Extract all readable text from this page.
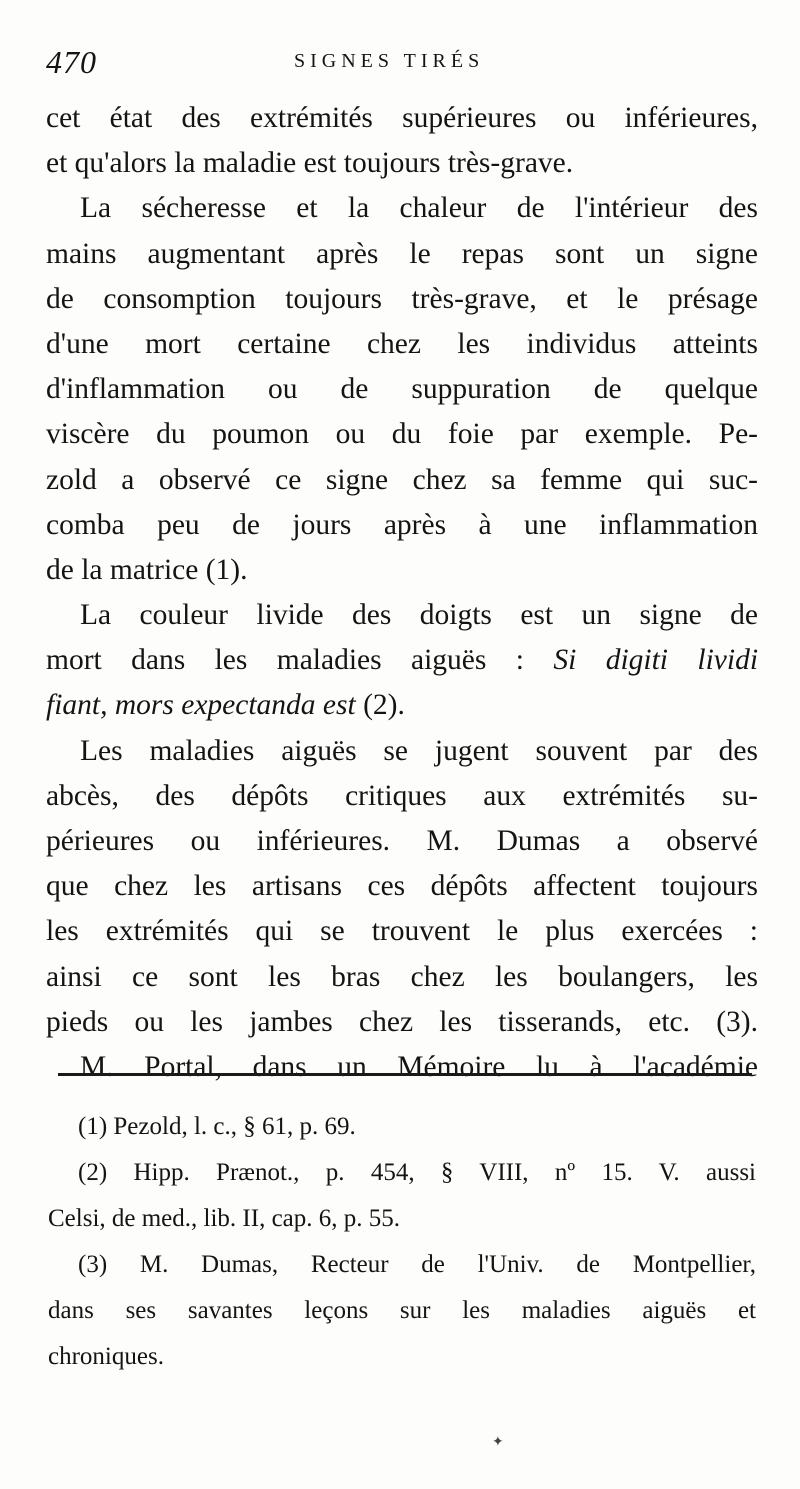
470	SIGNES TIRÉS
cet état des extrémités supérieures ou inférieures,
et qu'alors la maladie est toujours très-grave.
La sécheresse et la chaleur de l'intérieur des
mains augmentant après le repas sont un signe
de consomption toujours très-grave, et le présage
d'une mort certaine chez les individus atteints
d'inflammation ou de suppuration de quelque
viscère du poumon ou du foie par exemple. Pe-
zold a observé ce signe chez sa femme qui suc-
comba peu de jours après à une inflammation
de la matrice (1).
La couleur livide des doigts est un signe de
mort dans les maladies aiguës : Si digiti lividi
fiant, mors expectanda est (2).
Les maladies aiguës se jugent souvent par des
abcès, des dépôts critiques aux extrémités su-
périeures ou inférieures. M. Dumas a observé
que chez les artisans ces dépôts affectent toujours
les extrémités qui se trouvent le plus exercées :
ainsi ce sont les bras chez les boulangers, les
pieds ou les jambes chez les tisserands, etc. (3).
M. Portal, dans un Mémoire lu à l'académie
(1) Pezold, l. c., § 61, p. 69.
(2) Hipp. Prænot., p. 454, § VIII, nº 15. V. aussi
Celsi, de med., lib. II, cap. 6, p. 55.
(3) M. Dumas, Recteur de l'Univ. de Montpellier,
dans ses savantes leçons sur les maladies aiguës et
chroniques.
✦
